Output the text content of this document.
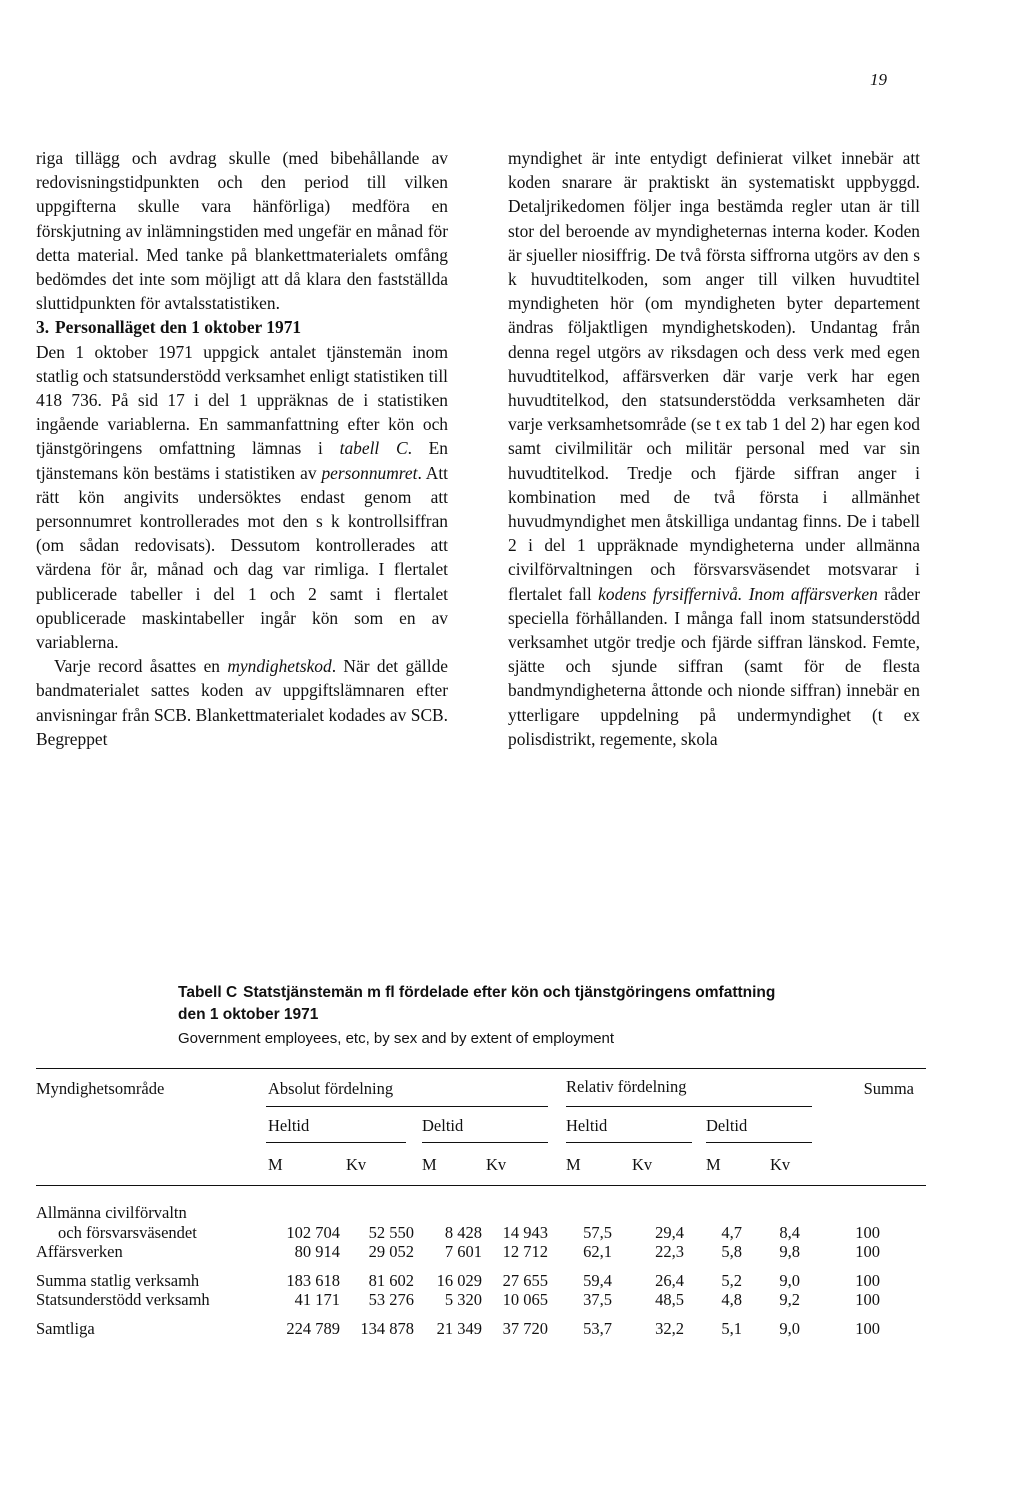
19

riga tillägg och avdrag skulle (med bibehållande av redovisningstidpunkten och den period till vilken uppgifterna skulle vara hänförliga) medföra en förskjutning av inlämningstiden med ungefär en månad för detta material. Med tanke på blankettmaterialets omfång bedömdes det inte som möjligt att då klara den fastställda sluttidpunkten för avtalsstatistiken.

3. Personalläget den 1 oktober 1971

Den 1 oktober 1971 uppgick antalet tjänstemän inom statlig och statsunderstödd verksamhet enligt statistiken till 418 736. På sid 17 i del 1 uppräknas de i statistiken ingående variablerna. En sammanfattning efter kön och tjänstgöringens omfattning lämnas i tabell C. En tjänstemans kön bestäms i statistiken av personnumret. Att rätt kön angivits undersöktes endast genom att personnumret kontrollerades mot den s k kontrollsiffran (om sådan redovisats). Dessutom kontrollerades att värdena för år, månad och dag var rimliga. I flertalet publicerade tabeller i del 1 och 2 samt i flertalet opublicerade maskintabeller ingår kön som en av variablerna.

Varje record åsattes en myndighetskod. När det gällde bandmaterialet sattes koden av uppgiftslämnaren efter anvisningar från SCB. Blankettmaterialet kodades av SCB. Begreppet

myndighet är inte entydigt definierat vilket innebär att koden snarare är praktiskt än systematiskt uppbyggd. Detaljrikedomen följer inga bestämda regler utan är till stor del beroende av myndigheternas interna koder. Koden är sjueller niosiffrig. De två första siffrorna utgörs av den s k huvudtitelkoden, som anger till vilken huvudtitel myndigheten hör (om myndigheten byter departement ändras följaktligen myndighetskoden). Undantag från denna regel utgörs av riksdagen och dess verk med egen huvudtitelkod, affärsverken där varje verk har egen huvudtitelkod, den statsunderstödda verksamheten där varje verksamhetsområde (se t ex tab 1 del 2) har egen kod samt civilmilitär och militär personal med var sin huvudtitelkod. Tredje och fjärde siffran anger i kombination med de två första i allmänhet huvudmyndighet men åtskilliga undantag finns. De i tabell 2 i del 1 uppräknade myndigheterna under allmänna civilförvaltningen och försvarsväsendet motsvarar i flertalet fall kodens fyrsiffernivå. Inom affärsverken råder speciella förhållanden. I många fall inom statsunderstödd verksamhet utgör tredje och fjärde siffran länskod. Femte, sjätte och sjunde siffran (samt för de flesta bandmyndigheterna åttonde och nionde siffran) innebär en ytterligare uppdelning på undermyndighet (t ex polisdistrikt, regemente, skola

Tabell C Statstjänstemän m fl fördelade efter kön och tjänstgöringens omfattning
den 1 oktober 1971
Government employees, etc, by sex and by extent of employment
Myndighetsområde	Absolut fördelning	Relativ fördelning	Summa
Heltid	Deltid	Heltid	Deltid
M	Kv	M	Kv	M	Kv	M	Kv
Allmänna civilförvaltn
och försvarsväsendet	102 704	52 550	8 428	14 943	57,5	29,4	4,7	8,4	100
Affärsverken	80 914	29 052	7 601	12 712	62,1	22,3	5,8	9,8	100
Summa statlig verksamh	183 618	81 602	16 029	27 655	59,4	26,4	5,2	9,0	100
Statsunderstödd verksamh	41 171	53 276	5 320	10 065	37,5	48,5	4,8	9,2	100
Samtliga	224 789	134 878	21 349	37 720	53,7	32,2	5,1	9,0	100
